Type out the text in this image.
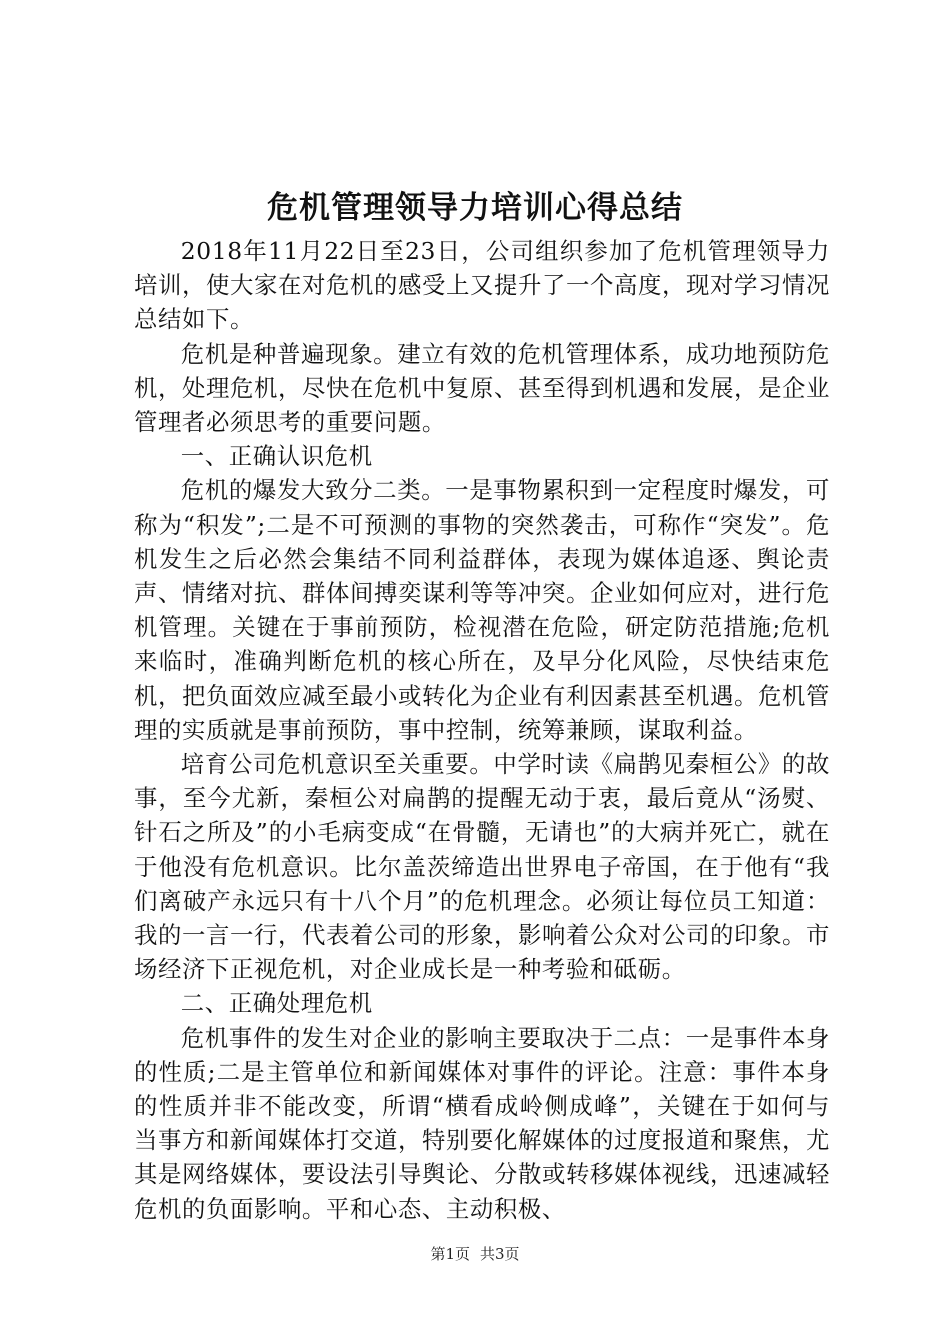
危机管理领导力培训心得总结

2018年11月22日至23日，公司组织参加了危机管理领导力培训，使大家在对危机的感受上又提升了一个高度，现对学习情况总结如下。

危机是种普遍现象。建立有效的危机管理体系，成功地预防危机，处理危机，尽快在危机中复原、甚至得到机遇和发展，是企业管理者必须思考的重要问题。

一、正确认识危机

危机的爆发大致分二类。一是事物累积到一定程度时爆发，可称为“积发”;二是不可预测的事物的突然袭击，可称作“突发”。危机发生之后必然会集结不同利益群体，表现为媒体追逐、舆论责声、情绪对抗、群体间搏奕谋利等等冲突。企业如何应对，进行危机管理。关键在于事前预防，检视潜在危险，研定防范措施;危机来临时，准确判断危机的核心所在，及早分化风险，尽快结束危机，把负面效应减至最小或转化为企业有利因素甚至机遇。危机管理的实质就是事前预防，事中控制，统筹兼顾，谋取利益。

培育公司危机意识至关重要。中学时读《扁鹊见秦桓公》的故事，至今尤新，秦桓公对扁鹊的提醒无动于衷，最后竟从“汤熨、针石之所及”的小毛病变成“在骨髓，无请也”的大病并死亡，就在于他没有危机意识。比尔盖茨缔造出世界电子帝国，在于他有“我们离破产永远只有十八个月”的危机理念。必须让每位员工知道：我的一言一行，代表着公司的形象，影响着公众对公司的印象。市场经济下正视危机，对企业成长是一种考验和砥砺。

二、正确处理危机

危机事件的发生对企业的影响主要取决于二点：一是事件本身的性质;二是主管单位和新闻媒体对事件的评论。注意：事件本身的性质并非不能改变，所谓“横看成岭侧成峰”，关键在于如何与当事方和新闻媒体打交道，特别要化解媒体的过度报道和聚焦，尤其是网络媒体，要设法引导舆论、分散或转移媒体视线，迅速减轻危机的负面影响。平和心态、主动积极、

第1页 共3页
